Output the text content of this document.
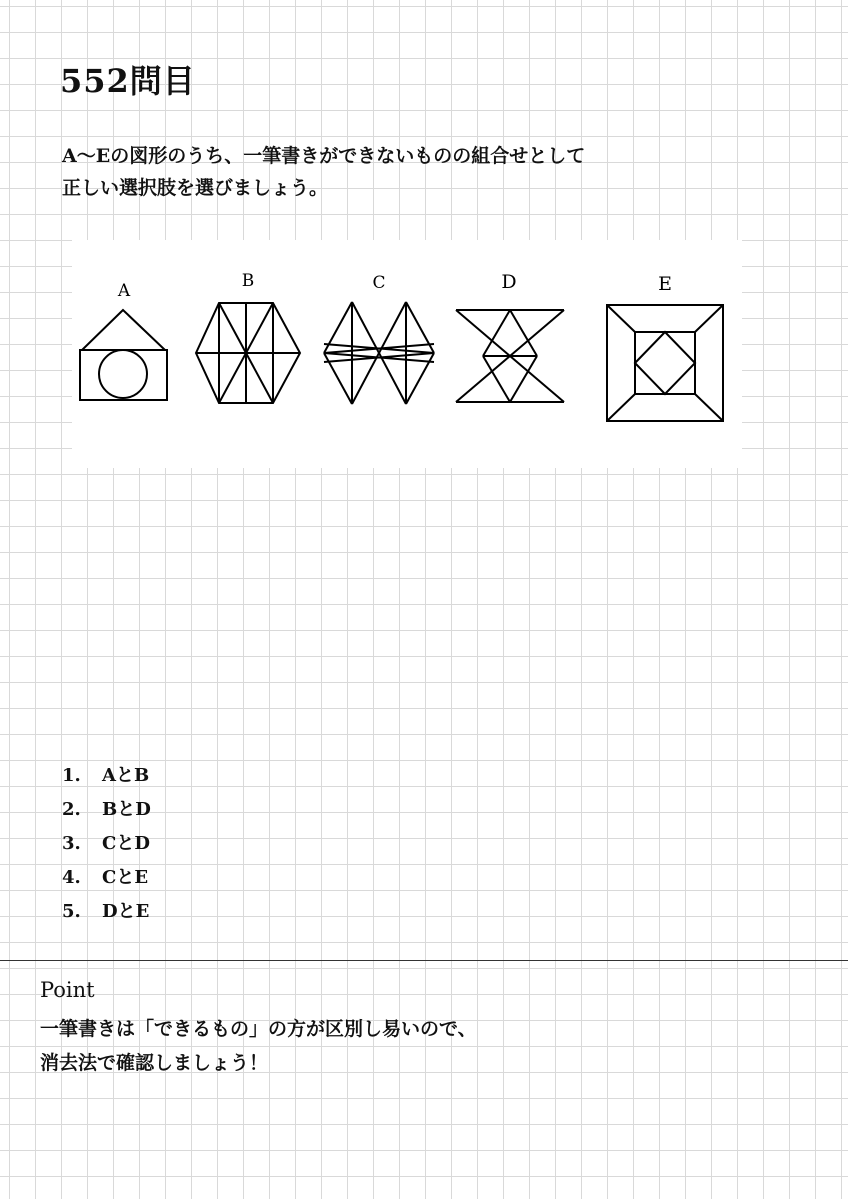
552問目
A〜Eの図形のうち、一筆書きができないものの組合せとして
正しい選択肢を選びましょう。
A	B	C	D	E
1.	AとB
2.	BとD
3.	CとD
4.	CとE
5.	DとE
Point
一筆書きは「できるもの」の方が区別し易いので、
消去法で確認しましょう！
